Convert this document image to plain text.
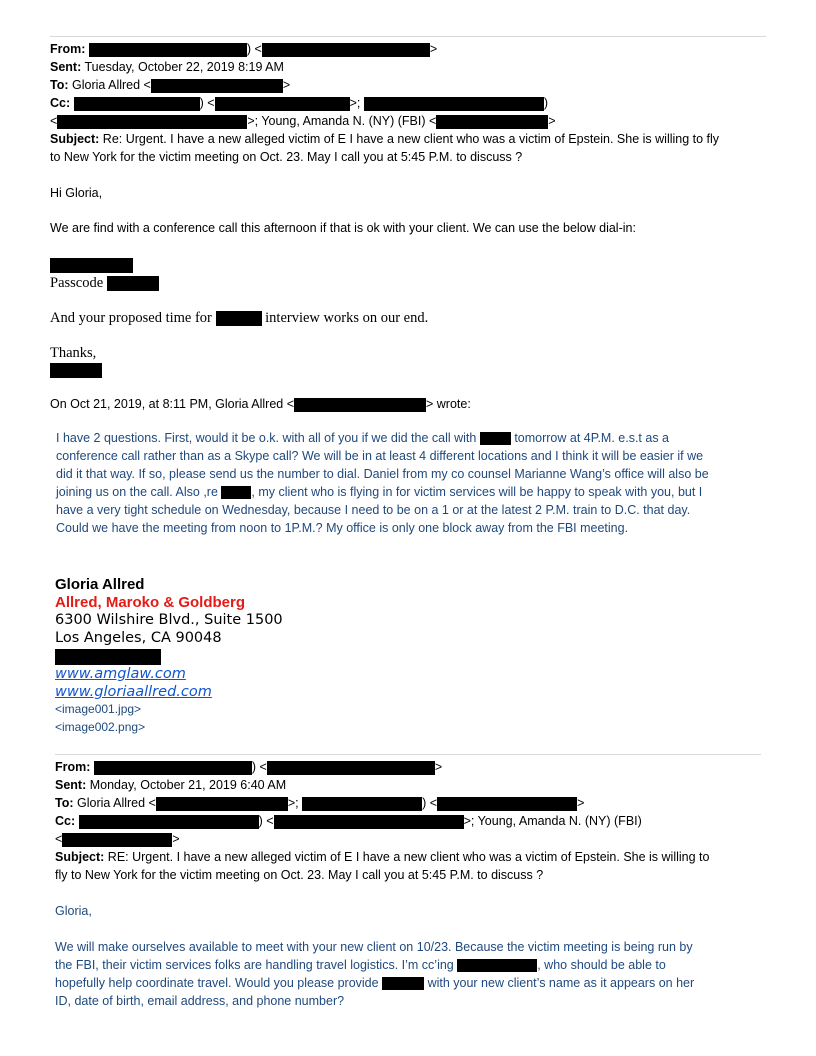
From:	) <	>
Sent: Tuesday, October 22, 2019 8:19 AM
To: Gloria Allred <	>
Cc:	) <	>;	)
<	>; Young, Amanda N. (NY) (FBI) <	>
Subject: Re: Urgent. I have a new alleged victim of E I have a new client who was a victim of Epstein. She is willing to fly
to New York for the victim meeting on Oct. 23. May I call you at 5:45 P.M. to discuss ?
Hi Gloria,
We are find with a conference call this afternoon if that is ok with your client. We can use the below dial-in:
Passcode
And your proposed time for	interview works on our end.
Thanks,
On Oct 21, 2019, at 8:11 PM, Gloria Allred <	> wrote:
I have 2 questions. First, would it be o.k. with all of you if we did the call with	tomorrow at 4P.M. e.s.t as a
conference call rather than as a Skype call? We will be in at least 4 different locations and I think it will be easier if we
did it that way. If so, please send us the number to dial. Daniel from my co counsel Marianne Wang’s office will also be
joining us on the call. Also ,re	, my client who is flying in for victim services will be happy to speak with you, but I
have a very tight schedule on Wednesday, because I need to be on a 1 or at the latest 2 P.M. train to D.C. that day.
Could we have the meeting from noon to 1P.M.? My office is only one block away from the FBI meeting.
Gloria Allred
Allred, Maroko & Goldberg
6300 Wilshire Blvd., Suite 1500
Los Angeles, CA 90048
www.amglaw.com
www.gloriaallred.com
<image001.jpg>
<image002.png>
From:	) <	>
Sent: Monday, October 21, 2019 6:40 AM
To: Gloria Allred <	>;	) <	>
Cc:	) <	>; Young, Amanda N. (NY) (FBI)
<	>
Subject: RE: Urgent. I have a new alleged victim of E I have a new client who was a victim of Epstein. She is willing to
fly to New York for the victim meeting on Oct. 23. May I call you at 5:45 P.M. to discuss ?
Gloria,
We will make ourselves available to meet with your new client on 10/23. Because the victim meeting is being run by
the FBI, their victim services folks are handling travel logistics. I’m cc’ing	, who should be able to
hopefully help coordinate travel. Would you please provide	with your new client’s name as it appears on her
ID, date of birth, email address, and phone number?
